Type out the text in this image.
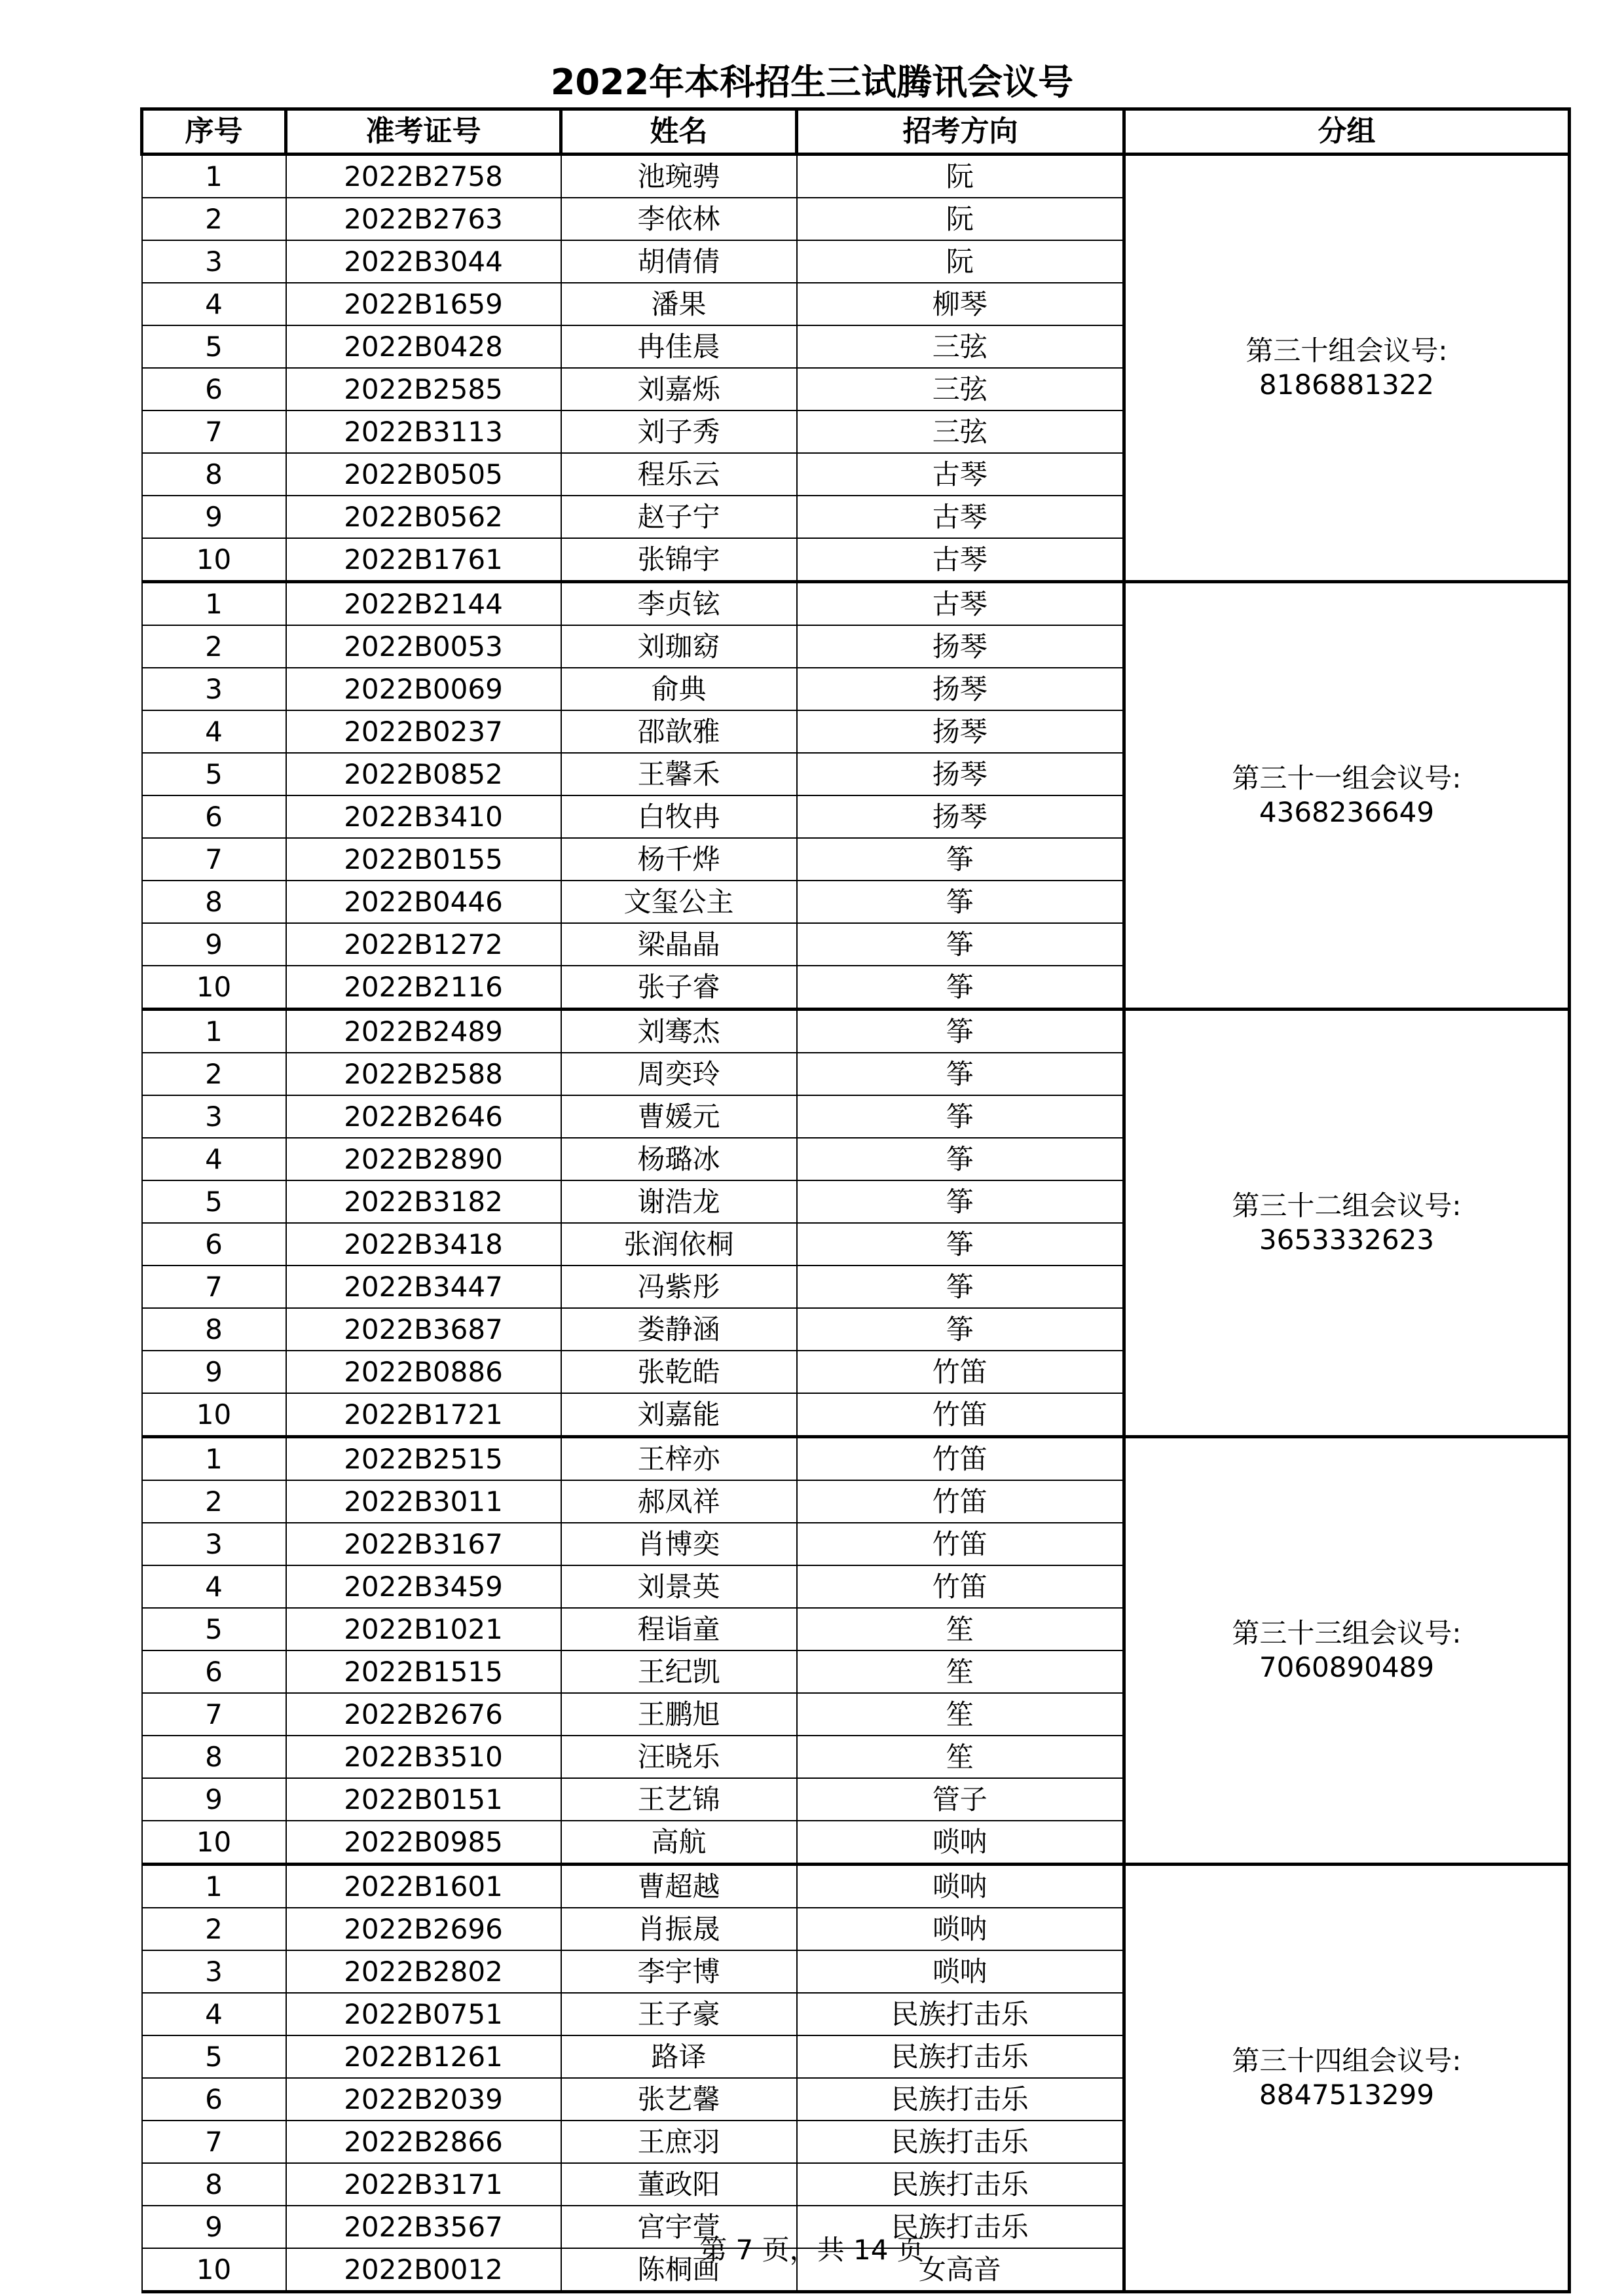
2022年本科招生三试腾讯会议号
序号	准考证号	姓名	招考方向	分组
1	2022B2758	池琬骋	阮	第三十组会议号:
8186881322

2	2022B2763	李依林	阮	
3	2022B3044	胡倩倩	阮	
4	2022B1659	潘果	柳琴	
5	2022B0428	冉佳晨	三弦	
6	2022B2585	刘嘉烁	三弦	
7	2022B3113	刘子秀	三弦	
8	2022B0505	程乐云	古琴	
9	2022B0562	赵子宁	古琴	
10	2022B1761	张锦宇	古琴	
1	2022B2144	李贞铉	古琴	第三十一组会议号:
4368236649

2	2022B0053	刘珈窈	扬琴	
3	2022B0069	俞典	扬琴	
4	2022B0237	邵歆雅	扬琴	
5	2022B0852	王馨禾	扬琴	
6	2022B3410	白牧冉	扬琴	
7	2022B0155	杨千烨	筝	
8	2022B0446	文玺公主	筝	
9	2022B1272	梁晶晶	筝	
10	2022B2116	张子睿	筝	
1	2022B2489	刘骞杰	筝	第三十二组会议号:
3653332623

2	2022B2588	周奕玲	筝	
3	2022B2646	曹媛元	筝	
4	2022B2890	杨璐冰	筝	
5	2022B3182	谢浩龙	筝	
6	2022B3418	张润依桐	筝	
7	2022B3447	冯紫彤	筝	
8	2022B3687	娄静涵	筝	
9	2022B0886	张乾皓	竹笛	
10	2022B1721	刘嘉能	竹笛	
1	2022B2515	王梓亦	竹笛	第三十三组会议号:
7060890489

2	2022B3011	郝凤祥	竹笛	
3	2022B3167	肖博奕	竹笛	
4	2022B3459	刘景英	竹笛	
5	2022B1021	程诣童	笙	
6	2022B1515	王纪凯	笙	
7	2022B2676	王鹏旭	笙	
8	2022B3510	汪晓乐	笙	
9	2022B0151	王艺锦	管子	
10	2022B0985	高航	唢呐	
1	2022B1601	曹超越	唢呐	第三十四组会议号:
8847513299

2	2022B2696	肖振晟	唢呐	
3	2022B2802	李宇博	唢呐	
4	2022B0751	王子豪	民族打击乐	
5	2022B1261	路译	民族打击乐	
6	2022B2039	张艺馨	民族打击乐	
7	2022B2866	王庶羽	民族打击乐	
8	2022B3171	董政阳	民族打击乐	
9	2022B3567	宫宇萱	民族打击乐	
10	2022B0012	陈桐画	女高音	
第 7 页，共 14 页
